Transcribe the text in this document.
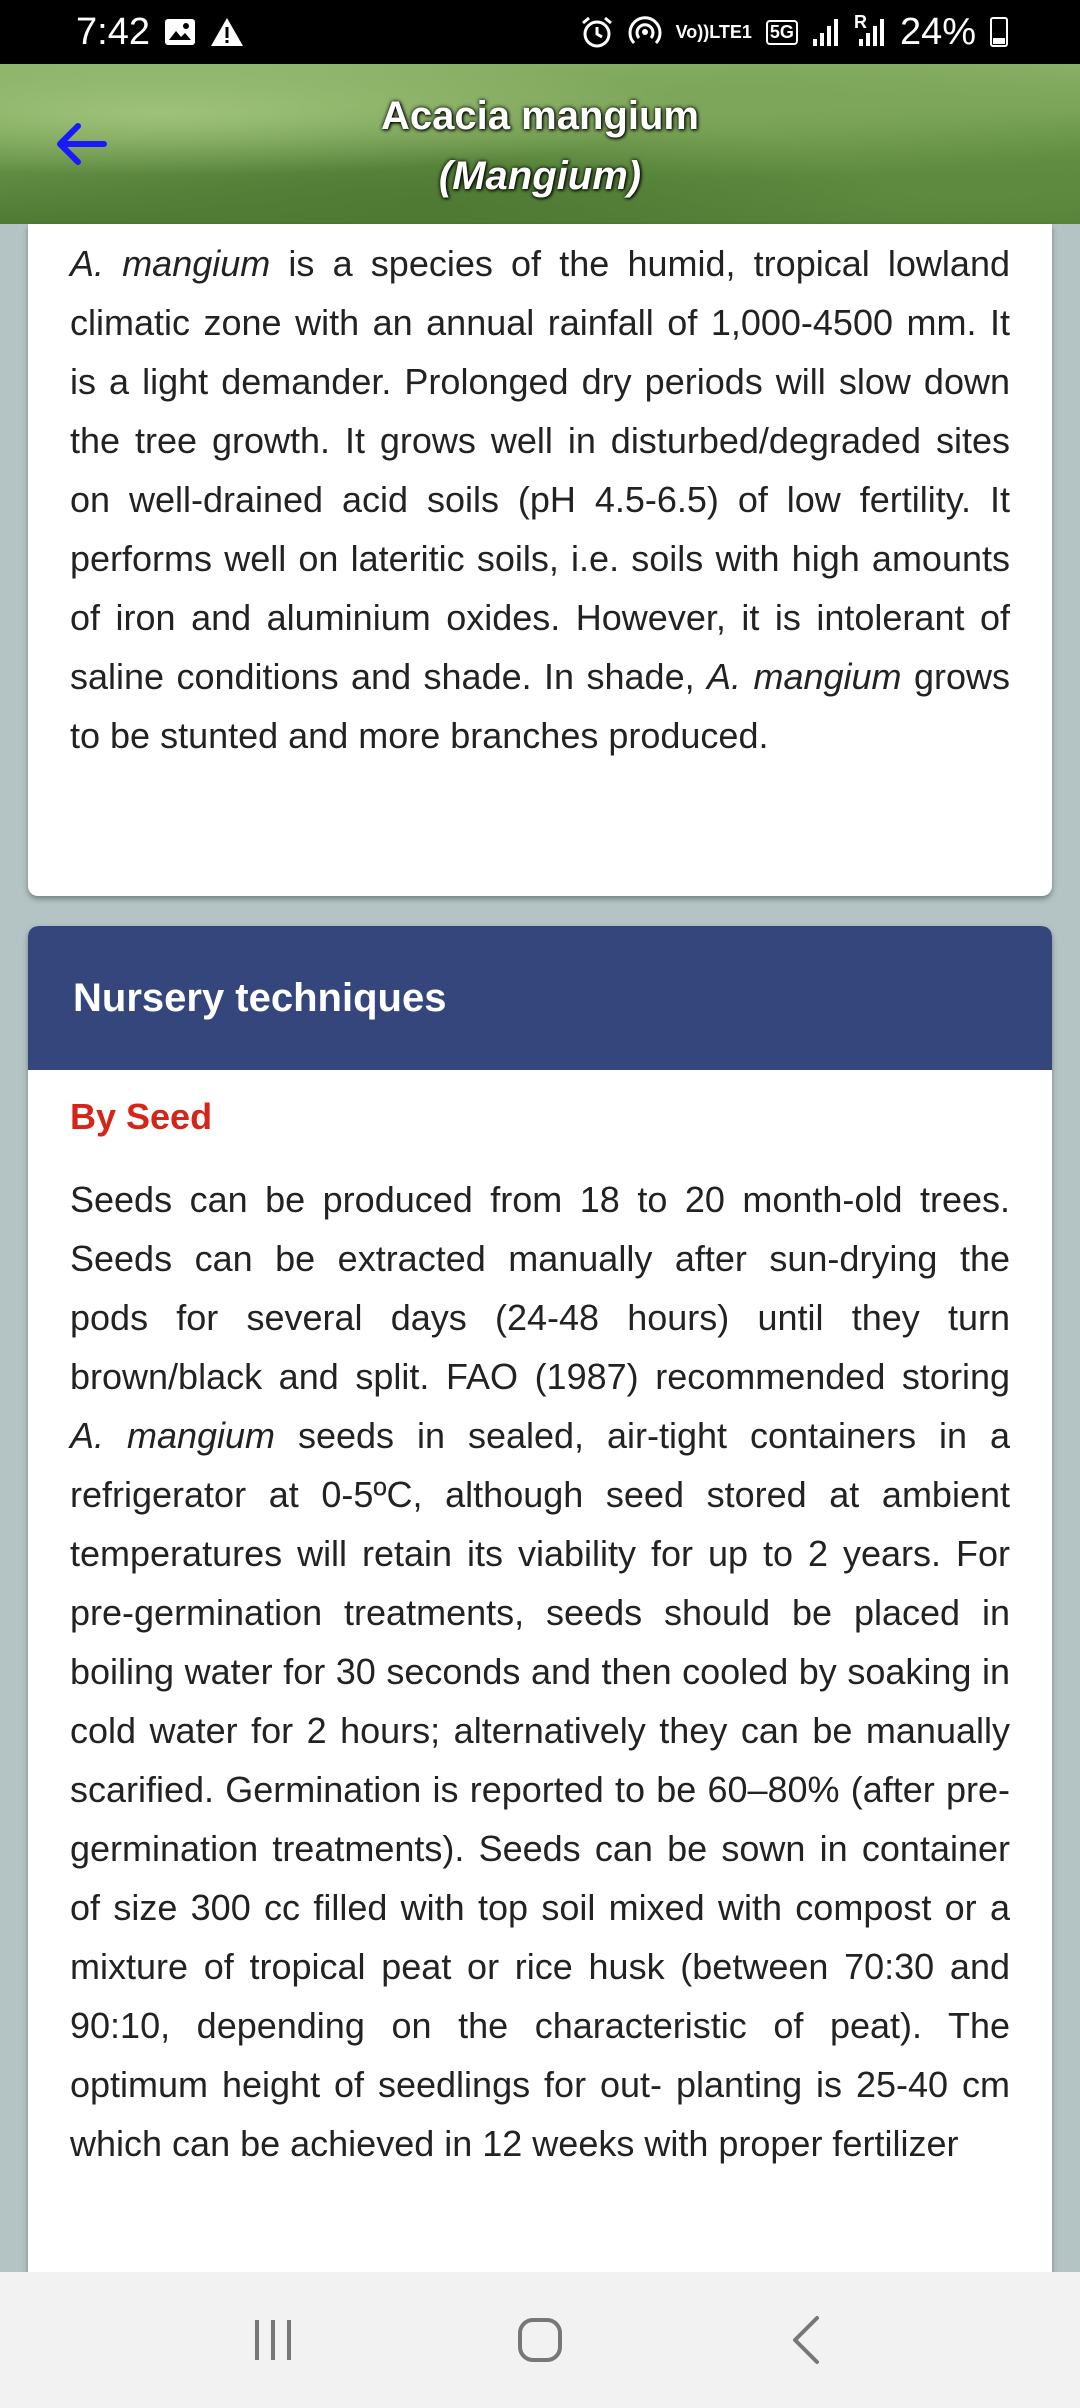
7:42	Vo)) LTE1 5G	R 24%
Acacia mangium
(Mangium)
A. mangium is a species of the humid, tropical lowland climatic zone with an annual rainfall of 1,000-4500 mm. It is a light demander. Prolonged dry periods will slow down the tree growth. It grows well in disturbed/degraded sites on well-drained acid soils (pH 4.5-6.5) of low fertility. It performs well on lateritic soils, i.e. soils with high amounts of iron and aluminium oxides. However, it is intolerant of saline conditions and shade. In shade, A. mangium grows to be stunted and more branches produced.
Nursery techniques
By Seed
Seeds can be produced from 18 to 20 month-old trees. Seeds can be extracted manually after sun-drying the pods for several days (24-48 hours) until they turn brown/black and split. FAO (1987) recommended storing A. mangium seeds in sealed, air-tight containers in a refrigerator at 0-5ºC, although seed stored at ambient temperatures will retain its viability for up to 2 years. For pre-germination treatments, seeds should be placed in boiling water for 30 seconds and then cooled by soaking in cold water for 2 hours; alternatively they can be manually scarified. Germination is reported to be 60–80% (after pre-germination treatments). Seeds can be sown in container of size 300 cc filled with top soil mixed with compost or a mixture of tropical peat or rice husk (between 70:30 and 90:10, depending on the characteristic of peat). The optimum height of seedlings for out- planting is 25-40 cm which can be achieved in 12 weeks with proper fertilizer
